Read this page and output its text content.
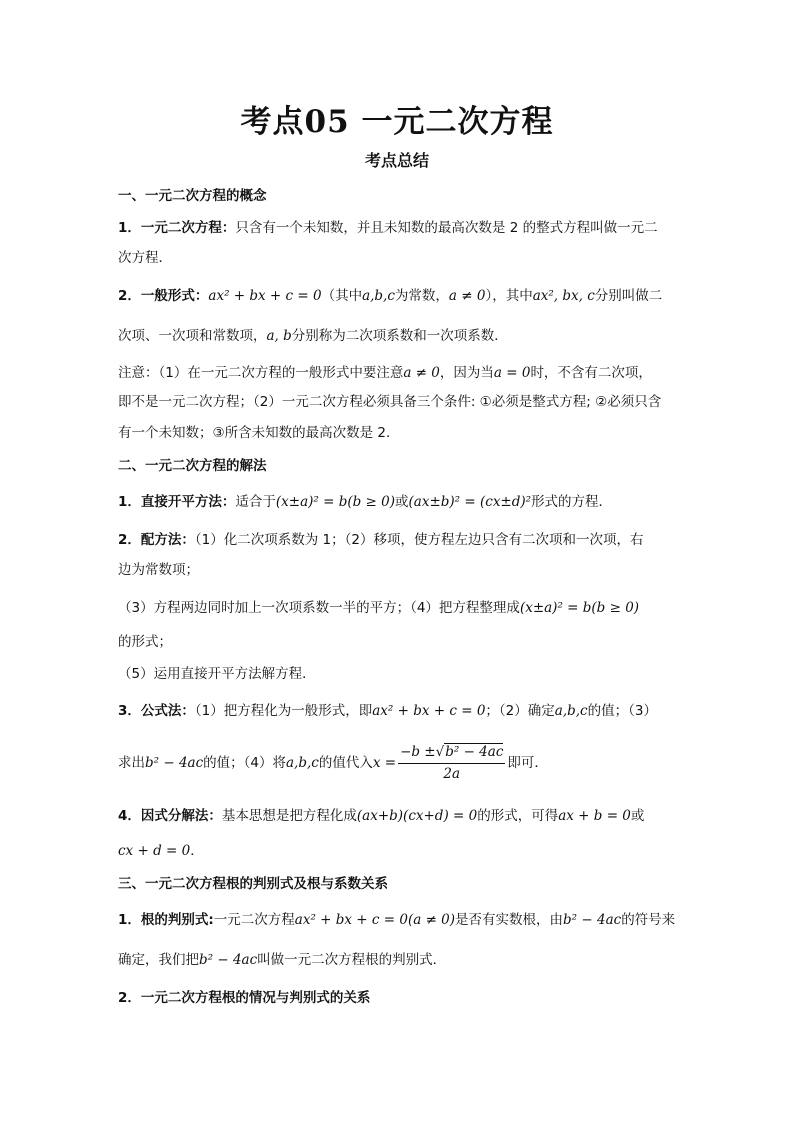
考点05 一元二次方程
考点总结
一、一元二次方程的概念
1．一元二次方程：只含有一个未知数，并且未知数的最高次数是 2 的整式方程叫做一元二
次方程．
2．一般形式：ax² + bx + c = 0（其中a,b,c为常数，a ≠ 0），其中ax², bx, c分别叫做二
次项、一次项和常数项，a, b分别称为二次项系数和一次项系数．
注意：（1）在一元二次方程的一般形式中要注意a ≠ 0，因为当a = 0时，不含有二次项，
即不是一元二次方程；（2）一元二次方程必须具备三个条件: ①必须是整式方程; ②必须只含
有一个未知数；③所含未知数的最高次数是 2．
二、一元二次方程的解法
1．直接开平方法：适合于(x±a)² = b(b ≥ 0)或(ax±b)² = (cx±d)²形式的方程．
2．配方法：（1）化二次项系数为 1；（2）移项，使方程左边只含有二次项和一次项，右
边为常数项；
（3）方程两边同时加上一次项系数一半的平方；（4）把方程整理成(x±a)² = b(b ≥ 0)
的形式；
（5）运用直接开平方法解方程．
3．公式法：（1）把方程化为一般形式，即ax² + bx + c = 0；（2）确定a,b,c的值；（3）
求出b² − 4ac的值；（4）将a,b,c的值代入$x = \frac{\text{−b ±√b² − 4ac}}{2a}$ 即可．
4．因式分解法：基本思想是把方程化成(ax+b)(cx+d) = 0的形式，可得ax + b = 0或
cx + d = 0．
三、一元二次方程根的判别式及根与系数关系
1．根的判别式:一元二次方程ax² + bx + c = 0(a ≠ 0)是否有实数根，由b² − 4ac的符号来
确定，我们把b² − 4ac叫做一元二次方程根的判别式．
2．一元二次方程根的情况与判别式的关系
